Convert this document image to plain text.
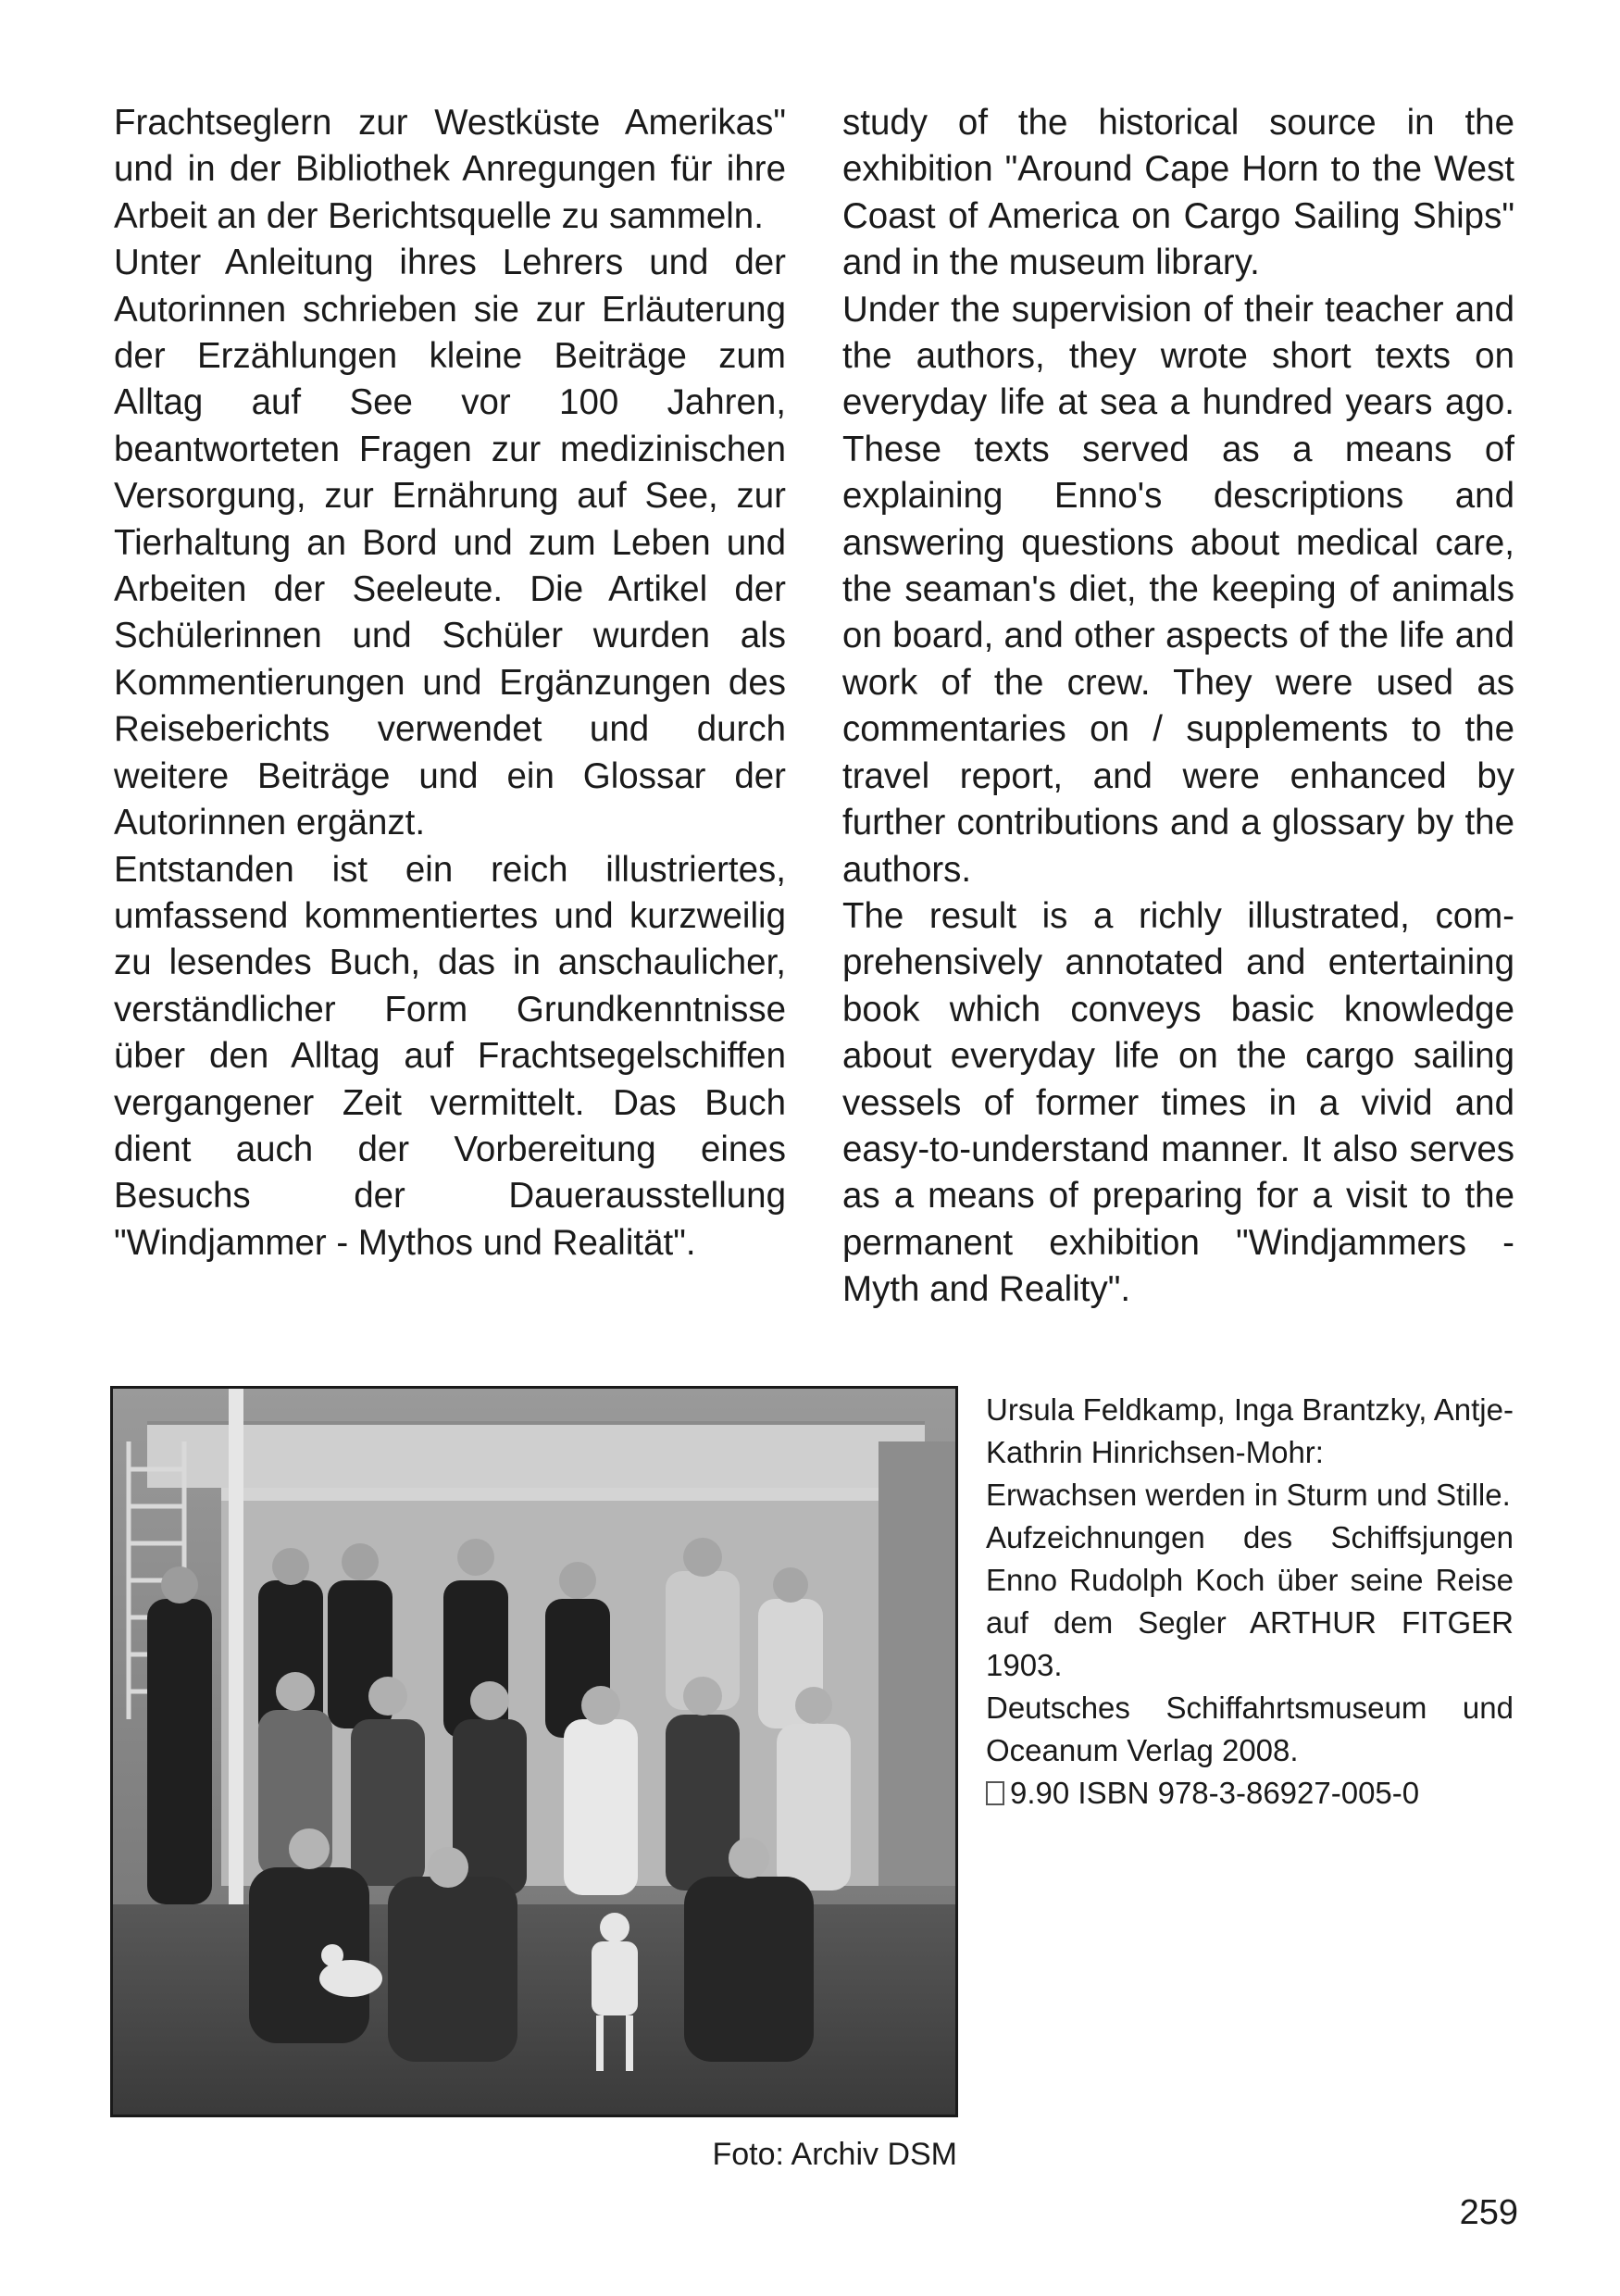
Frachtseglern zur Westküste Amerikas" und in der Bibliothek Anregungen für ihre Arbeit an der Berichtsquelle zu sammeln.

Unter Anleitung ihres Lehrers und der Autorinnen schrieben sie zur Erläuterung der Erzählungen kleine Beiträge zum Alltag auf See vor 100 Jahren, beantworteten Fragen zur medizinischen Versorgung, zur Ernährung auf See, zur Tierhaltung an Bord und zum Leben und Arbeiten der Seeleute. Die Artikel der Schülerinnen und Schüler wurden als Kommentierungen und Ergänzungen des Reiseberichts verwendet und durch weitere Beiträge und ein Glossar der Autorinnen ergänzt.

Entstanden ist ein reich illustriertes, umfassend kommentiertes und kurzweilig zu lesendes Buch, das in anschaulicher, verständlicher Form Grundkenntnisse über den Alltag auf Frachtsegelschiffen vergangener Zeit vermittelt. Das Buch dient auch der Vorbereitung eines Besuchs der Dauerausstellung "Windjammer - Mythos und Realität".

study of the historical source in the exhibition "Around Cape Horn to the West Coast of America on Cargo Sailing Ships" and in the museum library.

Under the supervision of their teacher and the authors, they wrote short texts on everyday life at sea a hundred years ago. These texts served as a means of explaining Enno's descriptions and answering questions about medical care, the seaman's diet, the keeping of animals on board, and other aspects of the life and work of the crew. They were used as commentaries on / supplements to the travel report, and were enhanced by further contributions and a glossary by the authors.

The result is a richly illustrated, comprehensively annotated and entertaining book which conveys basic knowledge about everyday life on the cargo sailing vessels of former times in a vivid and easy-to-understand manner. It also serves as a means of preparing for a visit to the permanent exhibition "Windjammers - Myth and Reality".

Foto: Archiv DSM

Ursula Feldkamp, Inga Brantzky, Antje-Kathrin Hinrichsen-Mohr:

Erwachsen werden in Sturm und Stille.

Aufzeichnungen des Schiffsjungen Enno Rudolph Koch über seine Reise auf dem Segler ARTHUR FITGER 1903.

Deutsches Schiffahrtsmuseum und Oceanum Verlag 2008.

9.90 ISBN 978-3-86927-005-0

259
